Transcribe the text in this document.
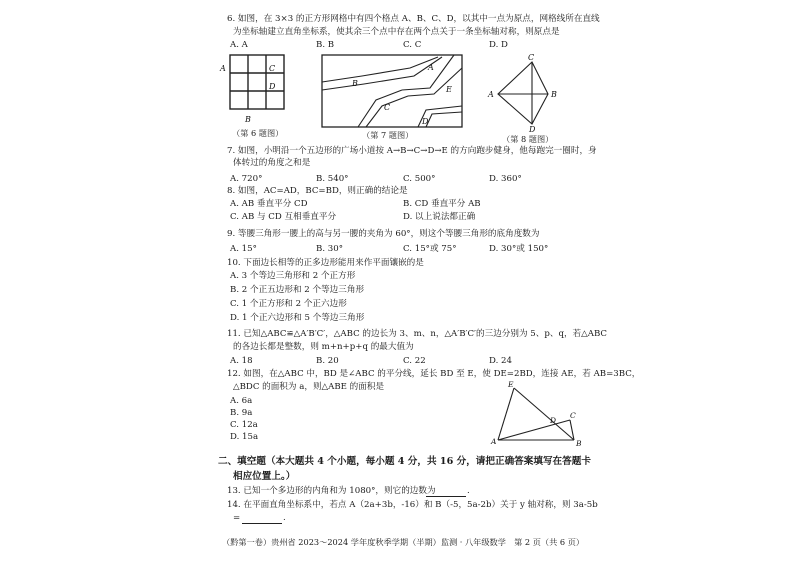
6. 如图，在 3×3 的正方形网格中有四个格点 A、B、C、D，以其中一点为原点，网格线所在直线
为坐标轴建立直角坐标系，使其余三个点中存在两个点关于一条坐标轴对称，则原点是
A. A	B. B	C. C	D. D
A	C
D
B
（第 6 题图）
A
B
C
D
E
（第 7 题图）
C
A	B
D
（第 8 题图）
7. 如图，小明沿一个五边形的广场小道按 A→B→C→D→E 的方向跑步健身，他每跑完一圈时，身
体转过的角度之和是
A. 720°	B. 540°	C. 500°	D. 360°
8. 如图，AC=AD，BC=BD，则正确的结论是
A. AB 垂直平分 CD	B. CD 垂直平分 AB
C. AB 与 CD 互相垂直平分	D. 以上说法都正确
9. 等腰三角形一腰上的高与另一腰的夹角为 60°，则这个等腰三角形的底角度数为
A. 15°	B. 30°	C. 15°或 75°	D. 30°或 150°
10. 下面边长相等的正多边形能用来作平面镶嵌的是
A. 3 个等边三角形和 2 个正方形
B. 2 个正五边形和 2 个等边三角形
C. 1 个正方形和 2 个正六边形
D. 1 个正六边形和 5 个等边三角形
11. 已知△ABC≌△A′B′C′，△ABC 的边长为 3、m、n，△A′B′C′的三边分别为 5、p、q，若△ABC
的各边长都是整数，则 m+n+p+q 的最大值为
A. 18	B. 20	C. 22	D. 24
12. 如图，在△ABC 中，BD 是∠ABC 的平分线，延长 BD 至 E，使 DE=2BD，连接 AE，若 AB=3BC，
△BDC 的面积为 a，则△ABE 的面积是
A. 6a
B. 9a
C. 12a
D. 15a
E
C
D
A	B
二、填空题（本大题共 4 个小题，每小题 4 分，共 16 分，请把正确答案填写在答题卡
相应位置上。）
13. 已知一个多边形的内角和为 1080°，则它的边数为	.
14. 在平面直角坐标系中，若点 A（2a+3b，-16）和 B（-5，5a-2b）关于 y 轴对称，则 3a-5b
=	.
（黔第一卷）贵州省 2023～2024 学年度秋季学期（半期）监测 · 八年级数学　第 2 页（共 6 页）
